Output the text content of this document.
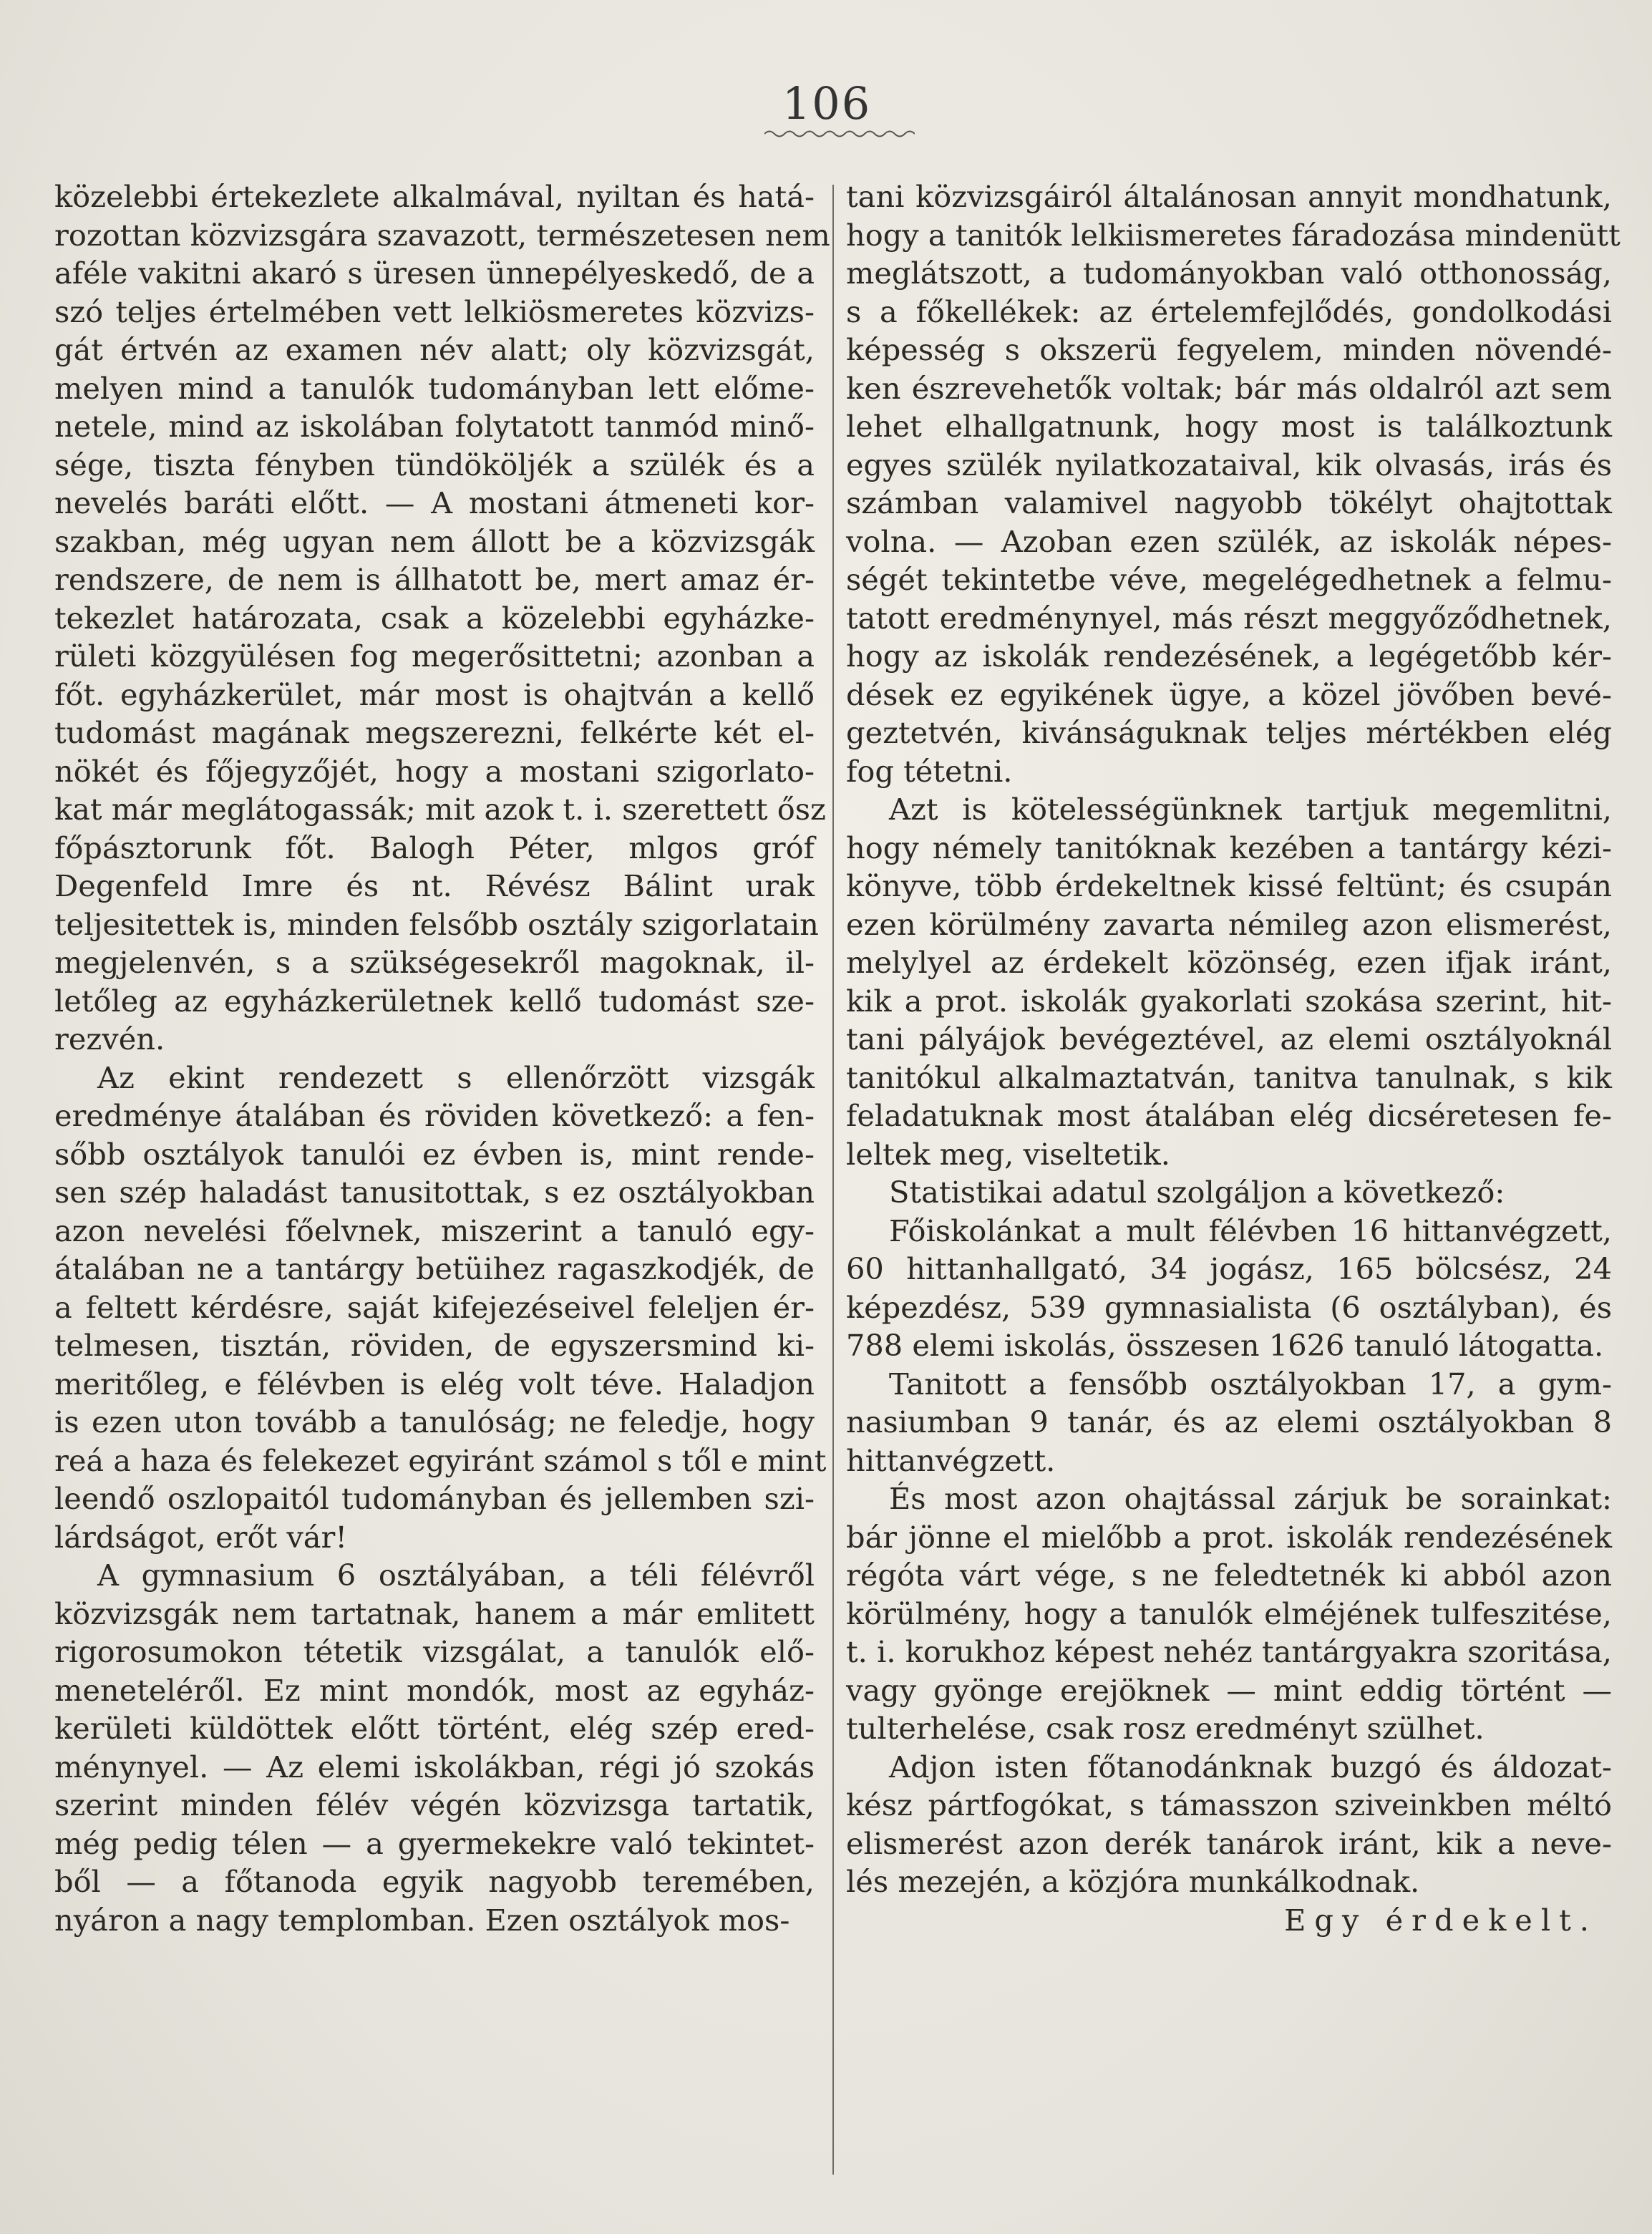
106
közelebbi értekezlete alkalmával, nyiltan és hatá-
rozottan közvizsgára szavazott, természetesen nem
aféle vakitni akaró s üresen ünnepélyeskedő, de a
szó teljes értelmében vett lelkiösmeretes közvizs-
gát értvén az examen név alatt; oly közvizsgát,
melyen mind a tanulók tudományban lett előme-
netele, mind az iskolában folytatott tanmód minő-
sége, tiszta fényben tündököljék a szülék és a
nevelés baráti előtt. — A mostani átmeneti kor-
szakban, még ugyan nem állott be a közvizsgák
rendszere, de nem is állhatott be, mert amaz ér-
tekezlet határozata, csak a közelebbi egyházke-
rületi közgyülésen fog megerősittetni; azonban a
főt. egyházkerület, már most is ohajtván a kellő
tudomást magának megszerezni, felkérte két el-
nökét és főjegyzőjét, hogy a mostani szigorlato-
kat már meglátogassák; mit azok t. i. szerettett ősz
főpásztorunk főt. Balogh Péter, mlgos gróf
Degenfeld Imre és nt. Révész Bálint urak
teljesitettek is, minden felsőbb osztály szigorlatain
megjelenvén, s a szükségesekről magoknak, il-
letőleg az egyházkerületnek kellő tudomást sze-
rezvén.
Az ekint rendezett s ellenőrzött vizsgák
eredménye átalában és röviden következő: a fen-
sőbb osztályok tanulói ez évben is, mint rende-
sen szép haladást tanusitottak, s ez osztályokban
azon nevelési főelvnek, miszerint a tanuló egy-
átalában ne a tantárgy betüihez ragaszkodjék, de
a feltett kérdésre, saját kifejezéseivel feleljen ér-
telmesen, tisztán, röviden, de egyszersmind ki-
meritőleg, e félévben is elég volt téve. Haladjon
is ezen uton tovább a tanulóság; ne feledje, hogy
reá a haza és felekezet egyiránt számol s től e mint
leendő oszlopaitól tudományban és jellemben szi-
lárdságot, erőt vár!
A gymnasium 6 osztályában, a téli félévről
közvizsgák nem tartatnak, hanem a már emlitett
rigorosumokon tétetik vizsgálat, a tanulók elő-
meneteléről. Ez mint mondók, most az egyház-
kerületi küldöttek előtt történt, elég szép ered-
ménynyel. — Az elemi iskolákban, régi jó szokás
szerint minden félév végén közvizsga tartatik,
még pedig télen — a gyermekekre való tekintet-
ből — a főtanoda egyik nagyobb teremében,
nyáron a nagy templomban. Ezen osztályok mos-
tani közvizsgáiról általánosan annyit mondhatunk,
hogy a tanitók lelkiismeretes fáradozása mindenütt
meglátszott, a tudományokban való otthonosság,
s a főkellékek: az értelemfejlődés, gondolkodási
képesség s okszerü fegyelem, minden növendé-
ken észrevehetők voltak; bár más oldalról azt sem
lehet elhallgatnunk, hogy most is találkoztunk
egyes szülék nyilatkozataival, kik olvasás, irás és
számban valamivel nagyobb tökélyt ohajtottak
volna. — Azoban ezen szülék, az iskolák népes-
ségét tekintetbe véve, megelégedhetnek a felmu-
tatott eredménynyel, más részt meggyőződhetnek,
hogy az iskolák rendezésének, a legégetőbb kér-
dések ez egyikének ügye, a közel jövőben bevé-
geztetvén, kivánságuknak teljes mértékben elég
fog tétetni.
Azt is kötelességünknek tartjuk megemlitni,
hogy némely tanitóknak kezében a tantárgy kézi-
könyve, több érdekeltnek kissé feltünt; és csupán
ezen körülmény zavarta némileg azon elismerést,
melylyel az érdekelt közönség, ezen ifjak iránt,
kik a prot. iskolák gyakorlati szokása szerint, hit-
tani pályájok bevégeztével, az elemi osztályoknál
tanitókul alkalmaztatván, tanitva tanulnak, s kik
feladatuknak most átalában elég dicséretesen fe-
leltek meg, viseltetik.
Statistikai adatul szolgáljon a következő:
Főiskolánkat a mult félévben 16 hittanvégzett,
60 hittanhallgató, 34 jogász, 165 bölcsész, 24
képezdész, 539 gymnasialista (6 osztályban), és
788 elemi iskolás, összesen 1626 tanuló látogatta.
Tanitott a fensőbb osztályokban 17, a gym-
nasiumban 9 tanár, és az elemi osztályokban 8
hittanvégzett.
És most azon ohajtással zárjuk be sorainkat:
bár jönne el mielőbb a prot. iskolák rendezésének
régóta várt vége, s ne feledtetnék ki abból azon
körülmény, hogy a tanulók elméjének tulfeszitése,
t. i. korukhoz képest nehéz tantárgyakra szoritása,
vagy gyönge erejöknek — mint eddig történt —
tulterhelése, csak rosz eredményt szülhet.
Adjon isten főtanodánknak buzgó és áldozat-
kész pártfogókat, s támasszon sziveinkben méltó
elismerést azon derék tanárok iránt, kik a neve-
lés mezején, a közjóra munkálkodnak.
Egy érdekelt.
